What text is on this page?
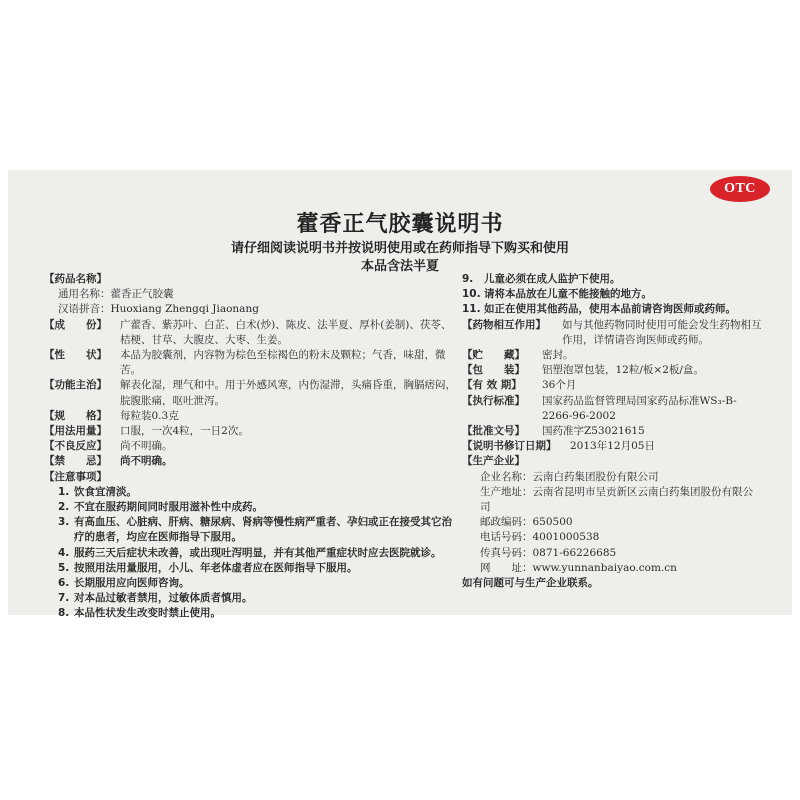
OTC
藿香正气胶囊说明书
请仔细阅读说明书并按说明使用或在药师指导下购买和使用
本品含法半夏
【药品名称】
通用名称：藿香正气胶囊
汉语拼音：Huoxiang Zhengqi Jiaonang
【成　　份】	广藿香、紫苏叶、白芷、白术(炒)、陈皮、法半夏、厚朴(姜制)、茯苓、桔梗、甘草、大腹皮、大枣、生姜。
【性　　状】	本品为胶囊剂，内容物为棕色至棕褐色的粉末及颗粒；气香，味甜，微苦。
【功能主治】	解表化湿，理气和中。用于外感风寒，内伤湿滞，头痛昏重，胸膈痞闷，脘腹胀痛，呕吐泄泻。
【规　　格】	每粒装0.3克
【用法用量】	口服，一次4粒，一日2次。
【不良反应】	尚不明确。
【禁　　忌】	尚不明确。
【注意事项】
1. 饮食宜清淡。
2. 不宜在服药期间同时服用滋补性中成药。
3. 有高血压、心脏病、肝病、糖尿病、肾病等慢性病严重者、孕妇或正在接受其它治疗的患者，均应在医师指导下服用。
4. 服药三天后症状未改善，或出现吐泻明显，并有其他严重症状时应去医院就诊。
5. 按照用法用量服用，小儿、年老体虚者应在医师指导下服用。
6. 长期服用应向医师咨询。
7. 对本品过敏者禁用，过敏体质者慎用。
8. 本品性状发生改变时禁止使用。
9.	儿童必须在成人监护下使用。
10. 请将本品放在儿童不能接触的地方。
11. 如正在使用其他药品，使用本品前请咨询医师或药师。
【药物相互作用】	如与其他药物同时使用可能会发生药物相互作用，详情请咨询医师或药师。
【贮　　藏】	密封。
【包　　装】	铝塑泡罩包装，12粒/板×2板/盒。
【有 效 期】	36个月
【执行标准】	国家药品监督管理局国家药品标准WS₃-B-2266-96-2002
【批准文号】	国药准字Z53021615
【说明书修订日期】	2013年12月05日
【生产企业】
企业名称：云南白药集团股份有限公司
生产地址：云南省昆明市呈贡新区云南白药集团股份有限公司
邮政编码：650500
电话号码：4001000538
传真号码：0871-66226685
网　　址：www.yunnanbaiyao.com.cn
如有问题可与生产企业联系。
